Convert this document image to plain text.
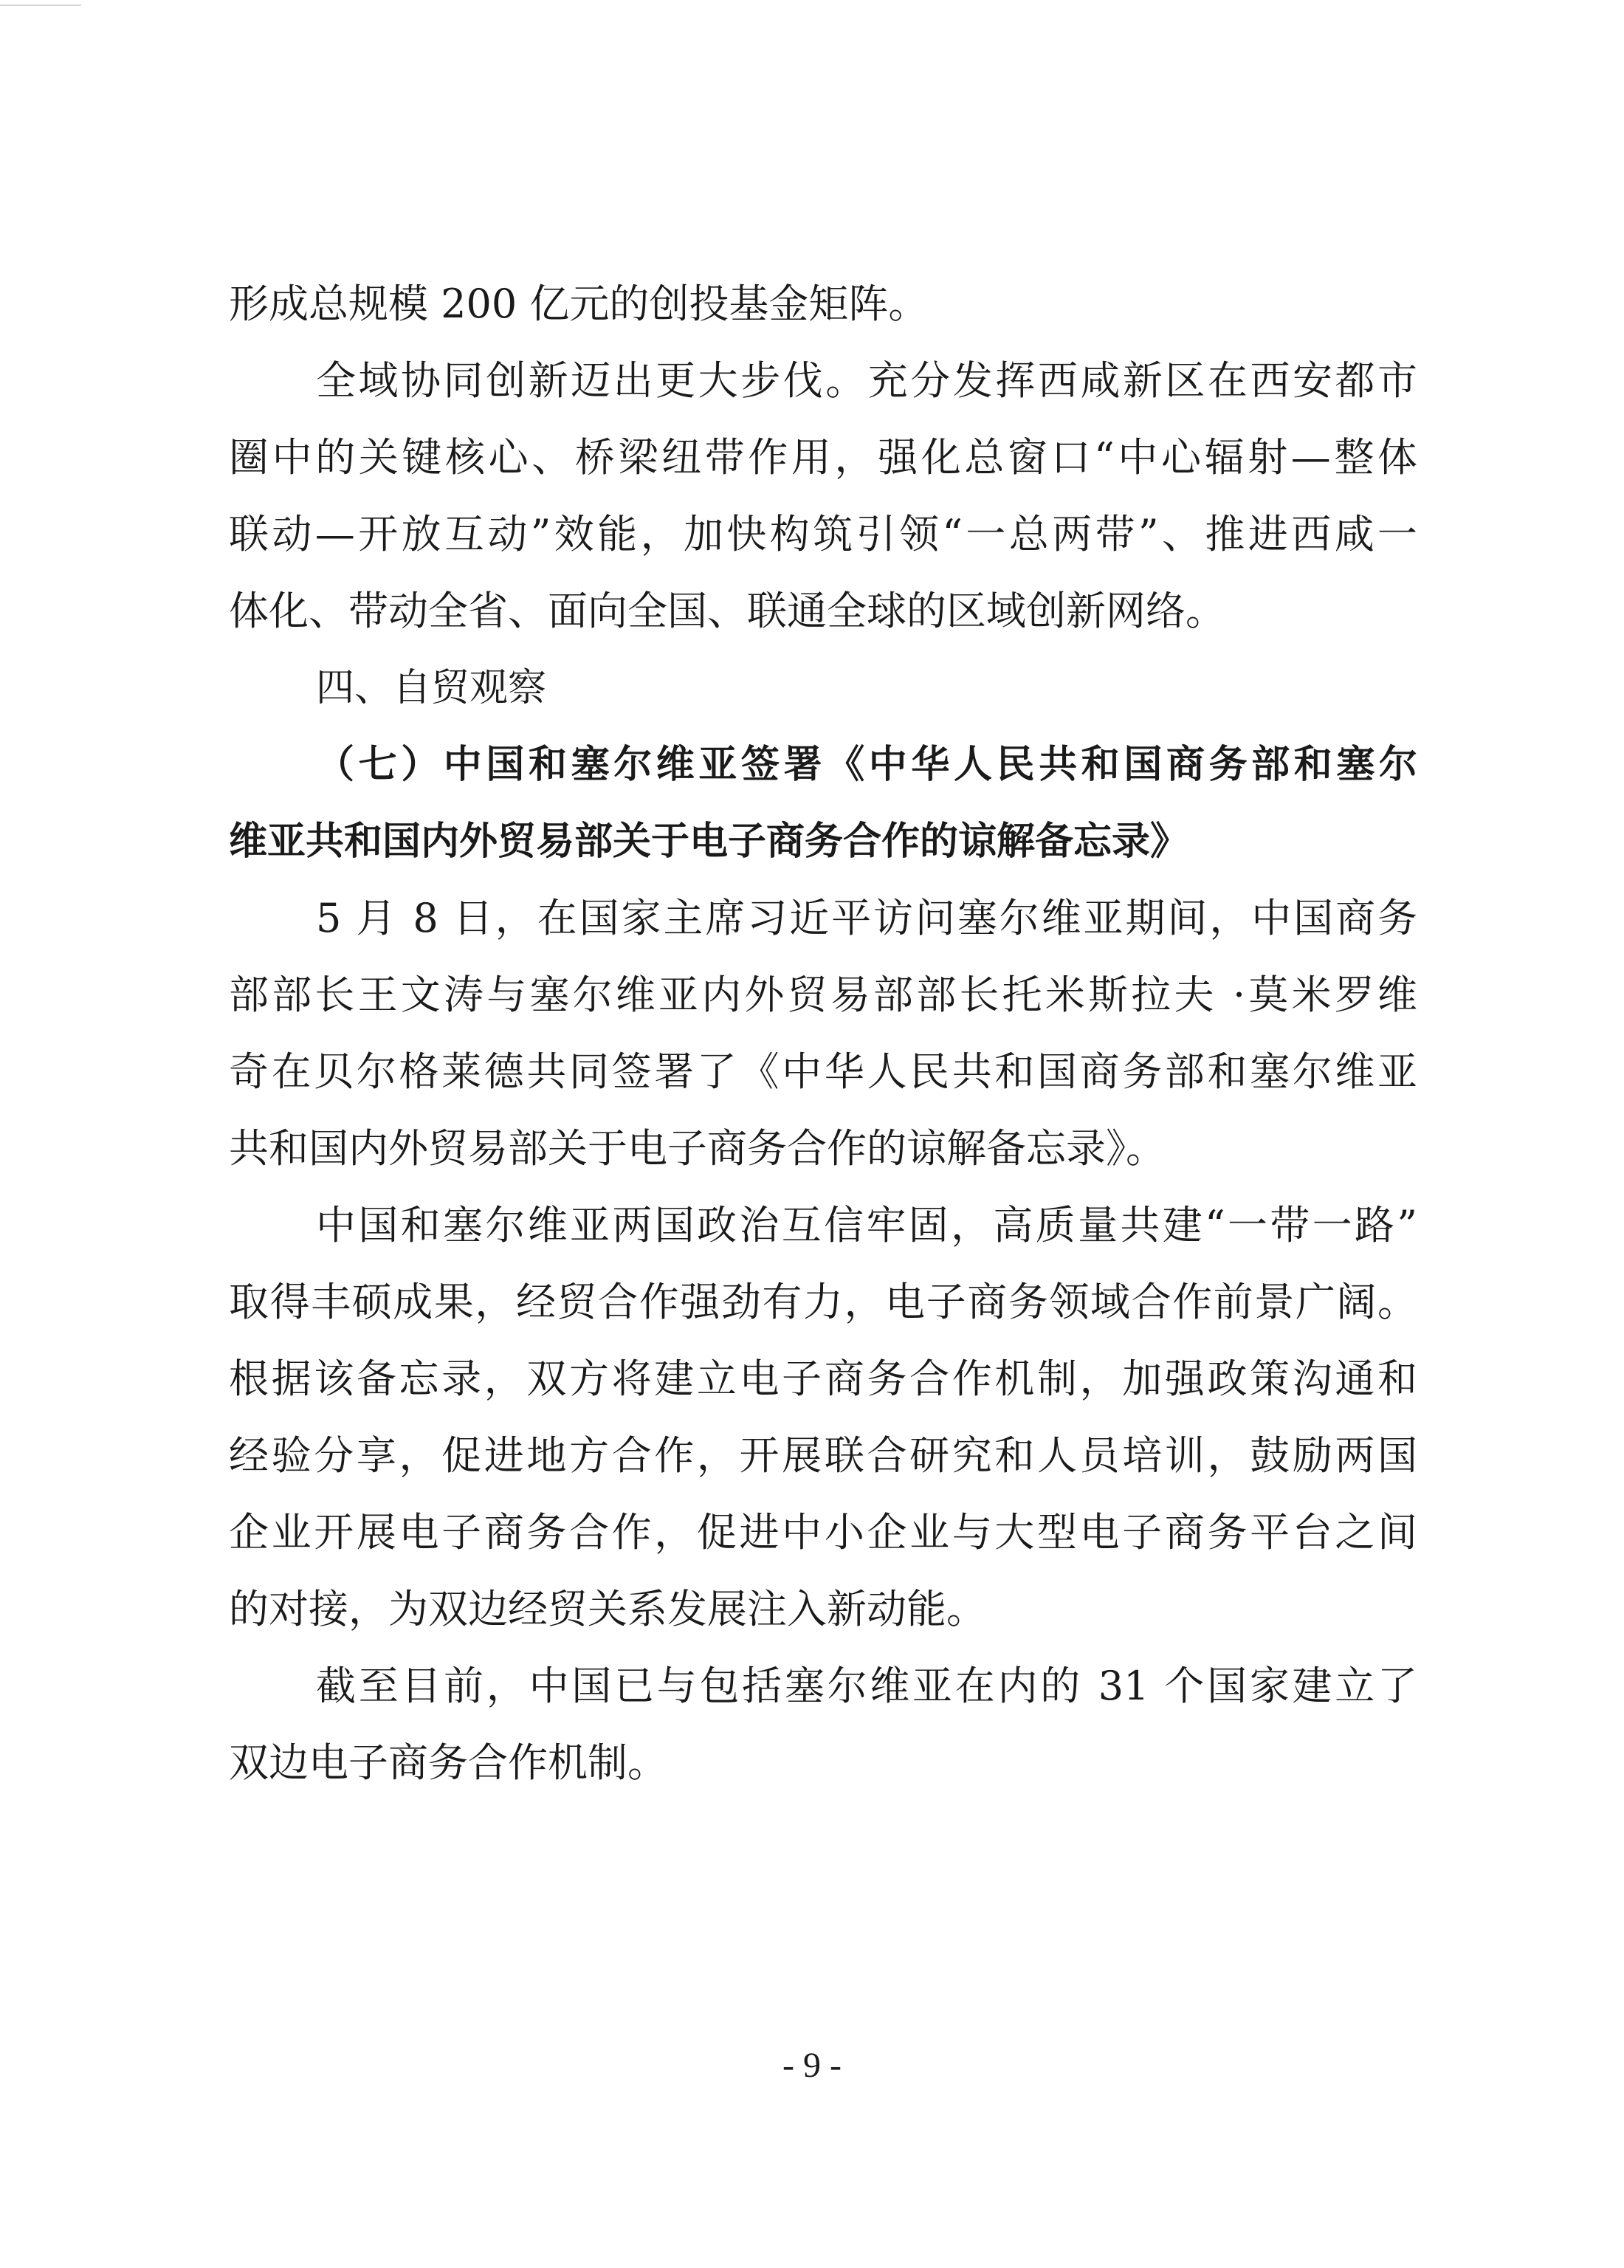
形成总规模 200 亿元的创投基金矩阵。
全域协同创新迈出更大步伐。充分发挥西咸新区在西安都市
圈中的关键核心、桥梁纽带作用，强化总窗口“中心辐射—整体
联动—开放互动”效能，加快构筑引领“一总两带”、推进西咸一
体化、带动全省、面向全国、联通全球的区域创新网络。
四、自贸观察
（七）中国和塞尔维亚签署《中华人民共和国商务部和塞尔
维亚共和国内外贸易部关于电子商务合作的谅解备忘录》
5 月 8 日，在国家主席习近平访问塞尔维亚期间，中国商务
部部长王文涛与塞尔维亚内外贸易部部长托米斯拉夫 ·莫米罗维
奇在贝尔格莱德共同签署了《中华人民共和国商务部和塞尔维亚
共和国内外贸易部关于电子商务合作的谅解备忘录》。
中国和塞尔维亚两国政治互信牢固，高质量共建“一带一路”
取得丰硕成果，经贸合作强劲有力，电子商务领域合作前景广阔。
根据该备忘录，双方将建立电子商务合作机制，加强政策沟通和
经验分享，促进地方合作，开展联合研究和人员培训，鼓励两国
企业开展电子商务合作，促进中小企业与大型电子商务平台之间
的对接，为双边经贸关系发展注入新动能。
截至目前，中国已与包括塞尔维亚在内的 31 个国家建立了
双边电子商务合作机制。
- 9 -
